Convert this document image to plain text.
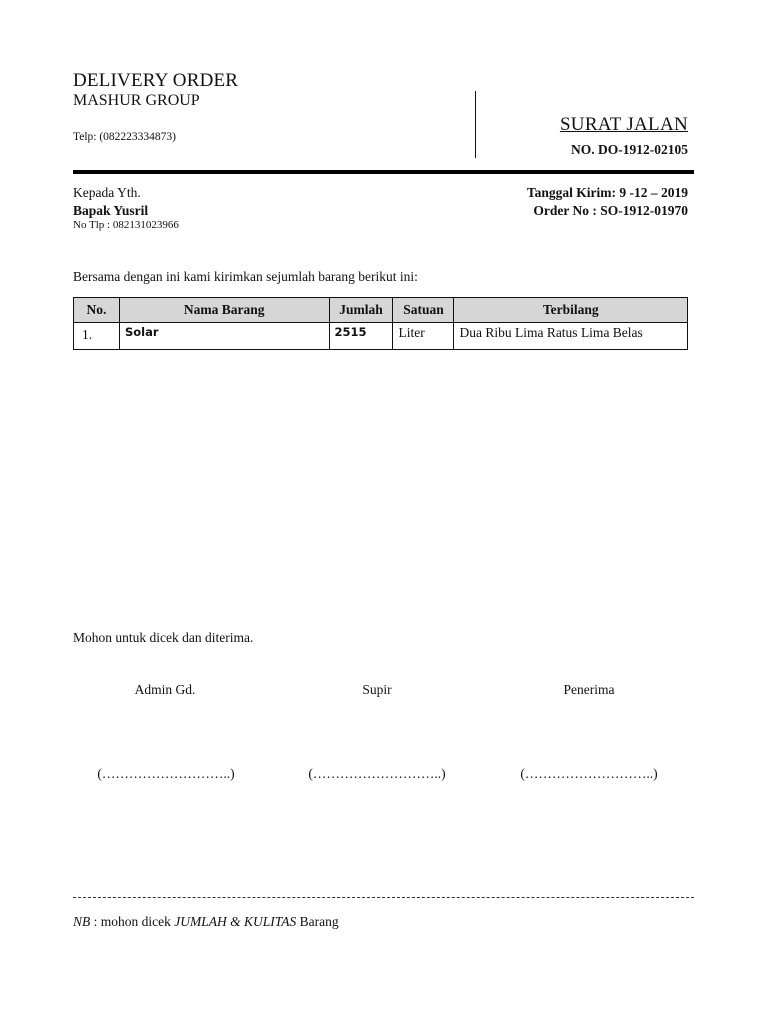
DELIVERY ORDER
MASHUR GROUP
Telp: (082223334873)
SURAT JALAN
NO. DO-1912-02105
Kepada Yth.
Bapak Yusril
No Tlp : 082131023966
Tanggal Kirim: 9 -12 – 2019
Order No : SO-1912-01970
Bersama dengan ini kami kirimkan sejumlah barang berikut ini:
No.	Nama Barang	Jumlah	Satuan	Terbilang
1.	Solar	2515	Liter	Dua Ribu Lima Ratus Lima Belas
Mohon untuk dicek dan diterima.
Admin Gd.	Supir	Penerima
(………………………..)	(………………………..)	(………………………..)
NB : mohon dicek JUMLAH & KULITAS Barang
